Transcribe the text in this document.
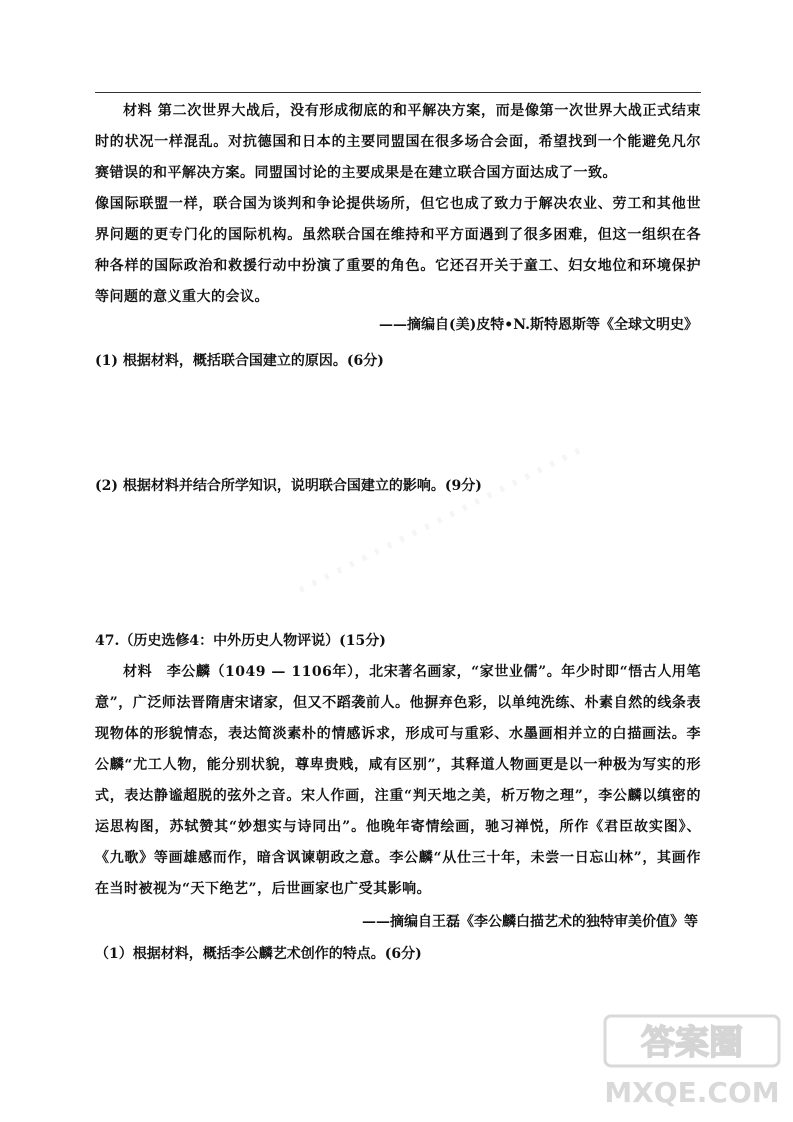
材料 第二次世界大战后，没有形成彻底的和平解决方案，而是像第一次世界大战正式结束时的状况一样混乱。对抗德国和日本的主要同盟国在很多场合会面，希望找到一个能避免凡尔赛错误的和平解决方案。同盟国讨论的主要成果是在建立联合国方面达成了一致。

像国际联盟一样，联合国为谈判和争论提供场所，但它也成了致力于解决农业、劳工和其他世界问题的更专门化的国际机构。虽然联合国在维持和平方面遇到了很多困难，但这一组织在各种各样的国际政治和救援行动中扮演了重要的角色。它还召开关于童工、妇女地位和环境保护等问题的意义重大的会议。

——摘编自(美)皮特•N.斯特恩斯等《全球文明史》

(1) 根据材料，概括联合国建立的原因。(6分)

(2) 根据材料并结合所学知识，说明联合国建立的影响。(9分)

47.（历史选修4：中外历史人物评说）(15分)

材料　李公麟（1049 — 1106年），北宋著名画家，“家世业儒”。年少时即“悟古人用笔意”，广泛师法晋隋唐宋诸家，但又不蹈袭前人。他摒弃色彩，以单纯洗练、朴素自然的线条表现物体的形貌情态，表达简淡素朴的情感诉求，形成可与重彩、水墨画相并立的白描画法。李公麟“尤工人物，能分别状貌，尊卑贵贱，咸有区别”，其释道人物画更是以一种极为写实的形式，表达静谧超脱的弦外之音。宋人作画，注重“判天地之美，析万物之理”，李公麟以缜密的运思构图，苏轼赞其“妙想实与诗同出”。他晚年寄情绘画，驰习禅悦，所作《君臣故实图》、《九歌》等画雄感而作，暗含讽谏朝政之意。李公麟“从仕三十年，未尝一日忘山林”，其画作在当时被视为“天下绝艺”，后世画家也广受其影响。

——摘编自王磊《李公麟白描艺术的独特审美价值》等

（1）根据材料，概括李公麟艺术创作的特点。(6分)

答案圈
MXQE.COM
